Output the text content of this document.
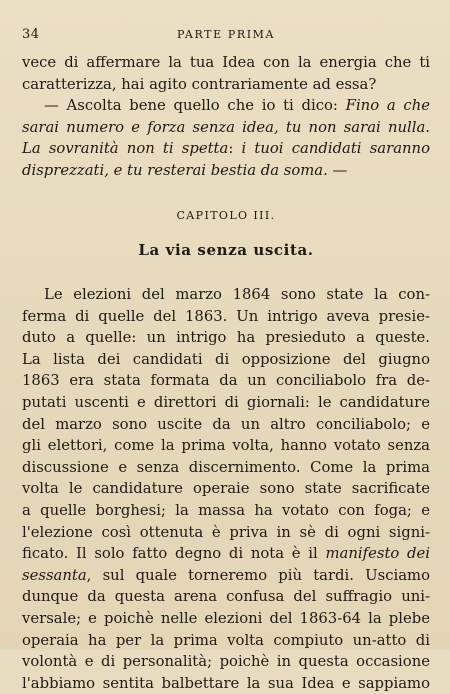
34	PARTE PRIMA

vece di affermare la tua Idea con la energia che ti
caratterizza, hai agito contrariamente ad essa?

— Ascolta bene quello che io ti dico: Fino a che
sarai numero e forza senza idea, tu non sarai nulla.
La sovranità non ti spetta: i tuoi candidati saranno
disprezzati, e tu resterai bestia da soma. —

CAPITOLO III.
La via senza uscita.

Le elezioni del marzo 1864 sono state la con-
ferma di quelle del 1863. Un intrigo aveva presie-
duto a quelle: un intrigo ha presieduto a queste.
La lista dei candidati di opposizione del giugno
1863 era stata formata da un conciliabolo fra de-
putati uscenti e direttori di giornali: le candidature
del marzo sono uscite da un altro conciliabolo; e
gli elettori, come la prima volta, hanno votato senza
discussione e senza discernimento. Come la prima
volta le candidature operaie sono state sacrificate
a quelle borghesi; la massa ha votato con foga; e
l'elezione così ottenuta è priva in sè di ogni signi-
ficato. Il solo fatto degno di nota è il manifesto dei
sessanta, sul quale torneremo più tardi. Usciamo
dunque da questa arena confusa del suffragio uni-
versale; e poichè nelle elezioni del 1863-64 la plebe
operaia ha per la prima volta compiuto un-atto di
volontà e di personalità; poichè in questa occasione
l'abbiamo sentita balbettare la sua Idea e sappiamo
